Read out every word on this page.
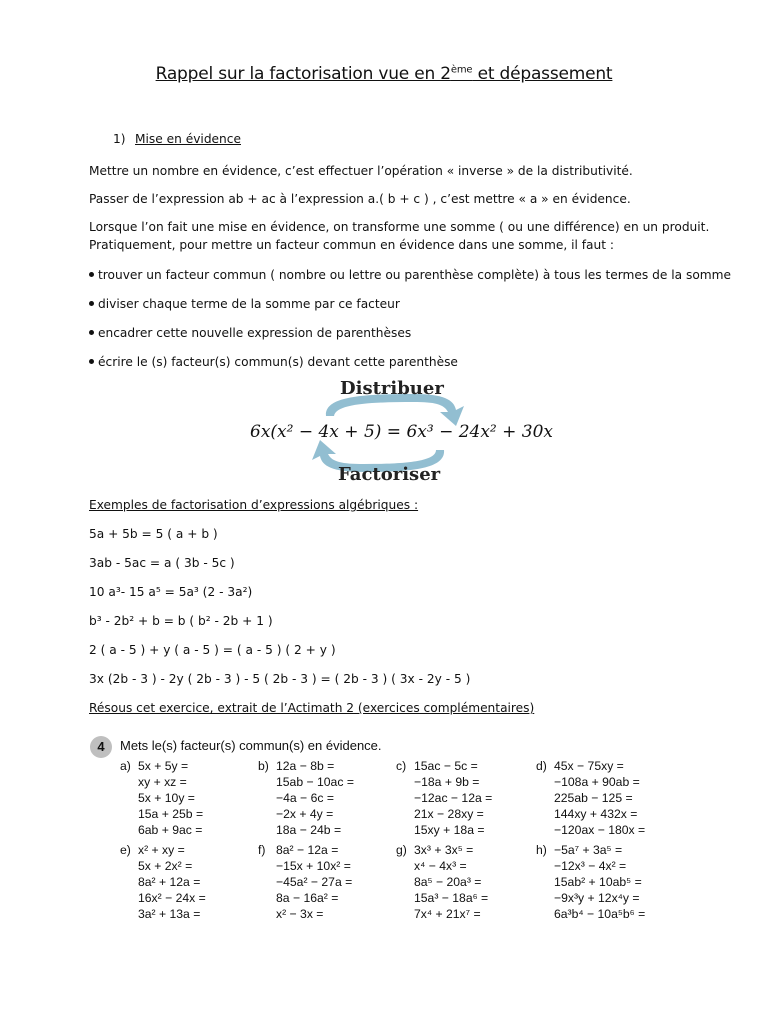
Rappel sur la factorisation vue en 2ème et dépassement
1) Mise en évidence
Mettre un nombre en évidence, c’est effectuer l’opération « inverse » de la distributivité.
Passer de l’expression ab + ac à l’expression a.( b + c ) , c’est mettre « a » en évidence.
Lorsque l’on fait une mise en évidence, on transforme une somme ( ou une différence) en un produit.
Pratiquement, pour mettre un facteur commun en évidence dans une somme, il faut :
trouver un facteur commun ( nombre ou lettre ou parenthèse complète) à tous les termes de la somme
diviser chaque terme de la somme par ce facteur
encadrer cette nouvelle expression de parenthèses
écrire le (s) facteur(s) commun(s) devant cette parenthèse
Distribuer
6x(x² − 4x + 5) = 6x³ − 24x² + 30x
Factoriser
Exemples de factorisation d’expressions algébriques :
5a + 5b = 5 ( a + b )
3ab - 5ac = a ( 3b - 5c )
10 a³- 15 a⁵ = 5a³ (2 - 3a²)
b³ - 2b² + b = b ( b² - 2b + 1 )
2 ( a - 5 ) + y ( a - 5 ) = ( a - 5 ) ( 2 + y )
3x (2b - 3 ) - 2y ( 2b - 3 ) - 5 ( 2b - 3 ) = ( 2b - 3 ) ( 3x - 2y - 5 )
Résous cet exercice, extrait de l’Actimath 2 (exercices complémentaires)
4	Mets le(s) facteur(s) commun(s) en évidence.
a) 5x + 5y =
xy + xz =
5x + 10y =
15a + 25b =
6ab + 9ac =
b) 12a − 8b =
15ab − 10ac =
−4a − 6c =
−2x + 4y =
18a − 24b =
c) 15ac − 5c =
−18a + 9b =
−12ac − 12a =
21x − 28xy =
15xy + 18a =
d) 45x − 75xy =
−108a + 90ab =
225ab − 125 =
144xy + 432x =
−120ax − 180x =
e) x² + xy =
5x + 2x² =
8a² + 12a =
16x² − 24x =
3a² + 13a =
f) 8a² − 12a =
−15x + 10x² =
−45a² − 27a =
8a − 16a² =
x² − 3x =
g) 3x³ + 3x⁵ =
x⁴ − 4x³ =
8a⁵ − 20a³ =
15a³ − 18a⁶ =
7x⁴ + 21x⁷ =
h) −5a⁷ + 3a⁵ =
−12x³ − 4x² =
15ab² + 10ab⁵ =
−9x³y + 12x⁴y =
6a³b⁴ − 10a⁵b⁶ =
